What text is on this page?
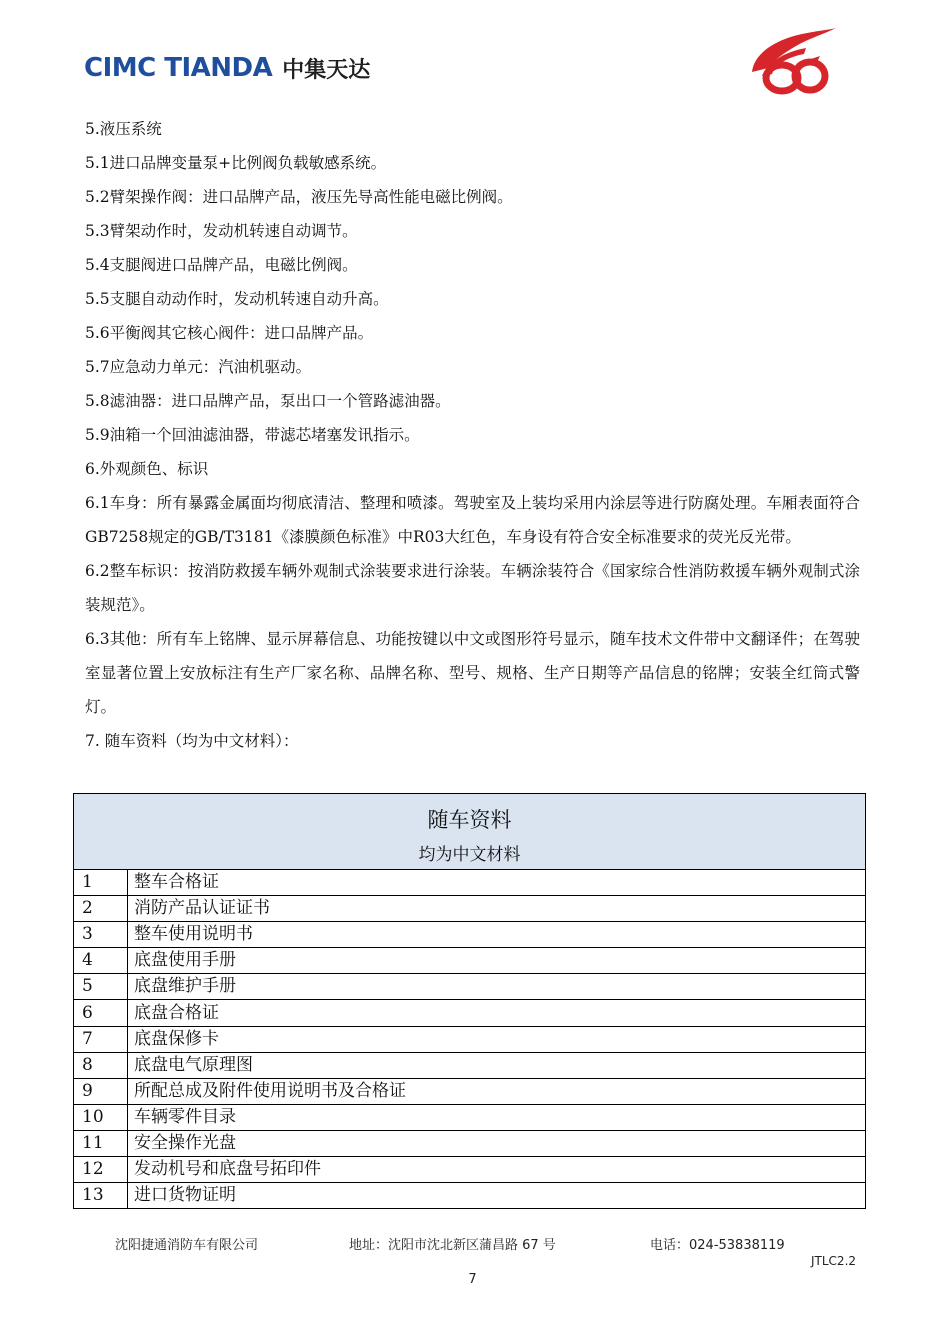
CIMC TIANDA 中集天达

5.液压系统

5.1进口品牌变量泵+比例阀负载敏感系统。

5.2臂架操作阀：进口品牌产品，液压先导高性能电磁比例阀。

5.3臂架动作时，发动机转速自动调节。

5.4支腿阀进口品牌产品，电磁比例阀。

5.5支腿自动动作时，发动机转速自动升高。

5.6平衡阀其它核心阀件：进口品牌产品。

5.7应急动力单元：汽油机驱动。

5.8滤油器：进口品牌产品，泵出口一个管路滤油器。

5.9油箱一个回油滤油器，带滤芯堵塞发讯指示。

6.外观颜色、标识

6.1车身：所有暴露金属面均彻底清洁、整理和喷漆。驾驶室及上装均采用内涂层等进行防腐处理。车厢表面符合GB7258规定的GB/T3181《漆膜颜色标准》中R03大红色，车身设有符合安全标准要求的荧光反光带。

6.2整车标识：按消防救援车辆外观制式涂装要求进行涂装。车辆涂装符合《国家综合性消防救援车辆外观制式涂装规范》。

6.3其他：所有车上铭牌、显示屏幕信息、功能按键以中文或图形符号显示，随车技术文件带中文翻译件；在驾驶室显著位置上安放标注有生产厂家名称、品牌名称、型号、规格、生产日期等产品信息的铭牌；安装全红筒式警灯。

7. 随车资料（均为中文材料）：

随车资料
均为中文材料	

1	整车合格证
2	消防产品认证证书
3	整车使用说明书
4	底盘使用手册
5	底盘维护手册
6	底盘合格证
7	底盘保修卡
8	底盘电气原理图
9	所配总成及附件使用说明书及合格证
10	车辆零件目录
11	安全操作光盘
12	发动机号和底盘号拓印件
13	进口货物证明
沈阳捷通消防车有限公司	地址：沈阳市沈北新区蒲昌路 67 号	电话：024-53838119
JTLC2.2
7
